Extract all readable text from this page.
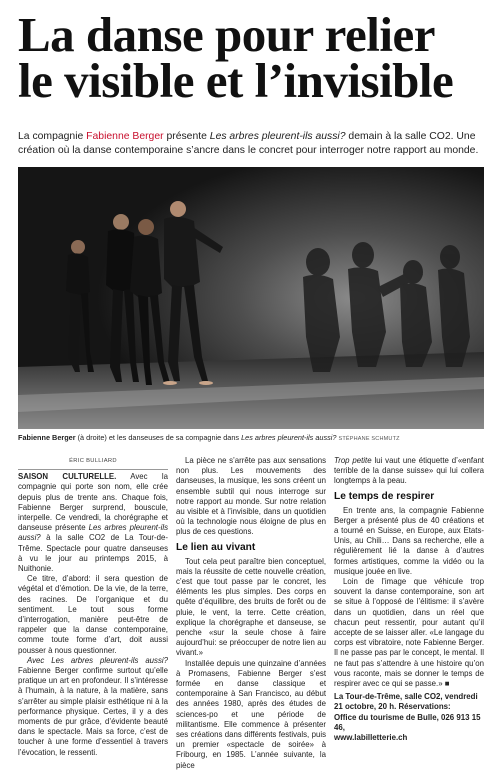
La danse pour relier
le visible et l’invisible

La compagnie Fabienne Berger présente Les arbres pleurent-ils aussi? demain à la salle CO2. Une création où la danse contemporaine s’ancre dans le concret pour interroger notre rapport au monde.

Fabienne Berger (à droite) et les danseuses de sa compagnie dans Les arbres pleurent-ils aussi? STÉPHANE SCHMUTZ

ÉRIC BULLIARD

SAISON CULTURELLE. Avec la compagnie qui porte son nom, elle crée depuis plus de trente ans. Chaque fois, Fabienne Berger surprend, bouscule, interpelle. Ce vendredi, la chorégraphe et danseuse présente Les arbres pleurent-ils aussi? à la salle CO2 de La Tour-de-Trême. Spectacle pour quatre danseuses à vu le jour au printemps 2015, à Nuithonie.

Ce titre, d’abord: il sera question de végétal et d’émotion. De la vie, de la terre, des racines. De l’organique et du sentiment. Le tout sous forme d’interrogation, manière peut-être de rappeler que la danse contemporaine, comme toute forme d’art, doit aussi pousser à nous questionner.

Avec Les arbres pleurent-ils aussi? Fabienne Berger confirme surtout qu’elle pratique un art en profondeur. Il s’intéresse à l’humain, à la nature, à la matière, sans s’arrêter au simple plaisir esthétique ni à la performance physique. Certes, il y a des moments de pur grâce, d’évidente beauté dans le spectacle. Mais sa force, c’est de toucher à une forme d’essentiel à travers l’évocation, le ressenti.

La pièce ne s’arrête pas aux sensations non plus. Les mouvements des danseuses, la musique, les sons créent un ensemble subtil qui nous interroge sur notre rapport au monde. Sur notre relation au visible et à l’invisible, dans un quotidien où la technologie nous éloigne de plus en plus de ces questions.

Le lien au vivant

Tout cela peut paraître bien conceptuel, mais la réussite de cette nouvelle création, c’est que tout passe par le concret, les éléments les plus simples. Des corps en quête d’équilibre, des bruits de forêt ou de pluie, le vent, la terre. Cette création, explique la chorégraphe et danseuse, se penche «sur la seule chose à faire aujourd’hui: se préoccuper de notre lien au vivant.»

Installée depuis une quinzaine d’années à Promasens, Fabienne Berger s’est formée en danse classique et contemporaine à San Francisco, au début des années 1980, après des études de sciences-po et une période de militantisme. Elle commence à présenter ses créations dans différents festivals, puis un premier «spectacle de soirée» à Fribourg, en 1985. L’année suivante, la pièce

Trop petite lui vaut une étiquette d’«enfant terrible de la danse suisse» qui lui collera longtemps à la peau.

Le temps de respirer

En trente ans, la compagnie Fabienne Berger a présenté plus de 40 créations et a tourné en Suisse, en Europe, aux Etats-Unis, au Chili… Dans sa recherche, elle a régulièrement lié la danse à d’autres formes artistiques, comme la vidéo ou la musique jouée en live.

Loin de l’image que véhicule trop souvent la danse contemporaine, son art se situe à l’opposé de l’élitisme: il s’avère dans un quotidien, dans un réel que chacun peut ressentir, pour autant qu’il accepte de se laisser aller. «Le langage du corps est vibratoire, note Fabienne Berger. Il ne passe pas par le concept, le mental. Il ne faut pas s’attendre à une histoire qu’on vous raconte, mais se donner le temps de respirer avec ce qui se passe.» ■

La Tour-de-Trême, salle CO2, vendredi
21 octobre, 20 h. Réservations:
Office du tourisme de Bulle, 026 913 15 46,
www.labilletterie.ch
